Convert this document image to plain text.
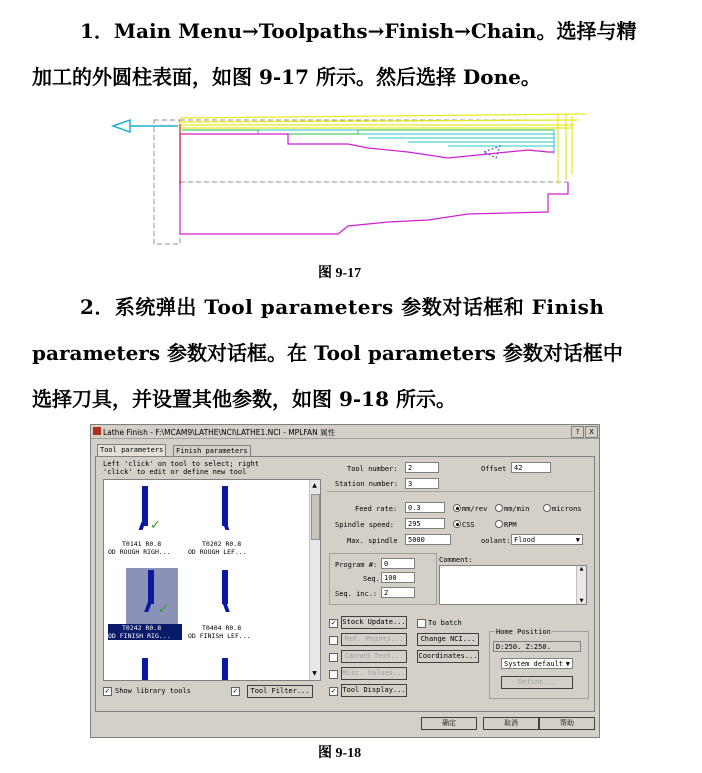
1．Main Menu→Toolpaths→Finish→Chain。选择与精
加工的外圆柱表面，如图 9-17 所示。然后选择 Done。
图 9-17
2．系统弹出 Tool parameters 参数对话框和 Finish
parameters 参数对话框。在 Tool parameters 参数对话框中
选择刀具，并设置其他参数，如图 9-18 所示。
Lathe Finish - F:\MCAM9\LATHE\NCI\LATHE1.NCI - MPLFAN 属性	?	X
Tool parameters	Finish parameters
Left 'click' on tool to select; right
'click' to edit or define new tool
✓
T0141 R0.8
OD ROUGH RIGH...
T0202 R0.8
OD ROUGH LEF...
✓
T0242 R0.8
OD FINISH RIG...
T0404 R0.8
OD FINISH LEF...
▲
▼
✓ Show library tools	✓	Tool Filter...
Tool number:	2	Offset	42
Station number:	3
Feed rate:	0.3	mm/rev mm/min	microns
Spindle speed:	295	CSS	RPM
Max. spindle	5000	oolant: Flood	▼
Program #: 0
Seq. 100
Seq. inc.: 2
Comment:
▲
▼
✓ Stock Update...	To batch
Ref. Points...	Change NCI...
Canned Text...	Coordinates...
Misc. Values...
✓ Tool Display...
Home Position
D:250. Z:250.
System default ▼
Define...
确定	取消	帮助
图 9-18
